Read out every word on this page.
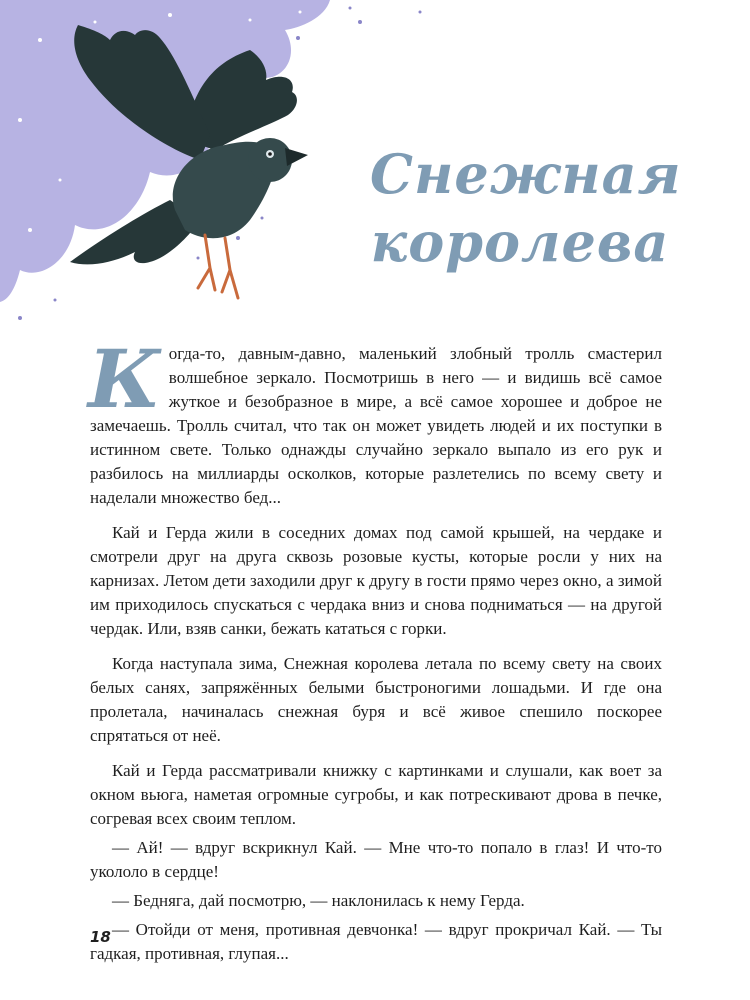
Снежная
королева

Когда-то, давным-давно, маленький злобный тролль смастерил волшебное зеркало. Посмотришь в него — и видишь всё самое жуткое и безобразное в мире, а всё самое хорошее и доброе не замечаешь. Тролль считал, что так он может увидеть людей и их поступки в истинном свете. Только однажды случайно зеркало выпало из его рук и разбилось на миллиарды осколков, которые разлетелись по всему свету и наделали множество бед...

Кай и Герда жили в соседних домах под самой крышей, на чердаке и смотрели друг на друга сквозь розовые кусты, которые росли у них на карнизах. Летом дети заходили друг к другу в гости прямо через окно, а зимой им приходилось спускаться с чердака вниз и снова подниматься — на другой чердак. Или, взяв санки, бежать кататься с горки.

Когда наступала зима, Снежная королева летала по всему свету на своих белых санях, запряжённых белыми быстроногими лошадьми. И где она пролетала, начиналась снежная буря и всё живое спешило поскорее спрятаться от неё.

Кай и Герда рассматривали книжку с картинками и слушали, как воет за окном вьюга, наметая огромные сугробы, и как потрескивают дрова в печке, согревая всех своим теплом.

— Ай! — вдруг вскрикнул Кай. — Мне что-то попало в глаз! И что-то укололо в сердце!

— Бедняга, дай посмотрю, — наклонилась к нему Герда.

— Отойди от меня, противная девчонка! — вдруг прокричал Кай. — Ты гадкая, противная, глупая...

18
